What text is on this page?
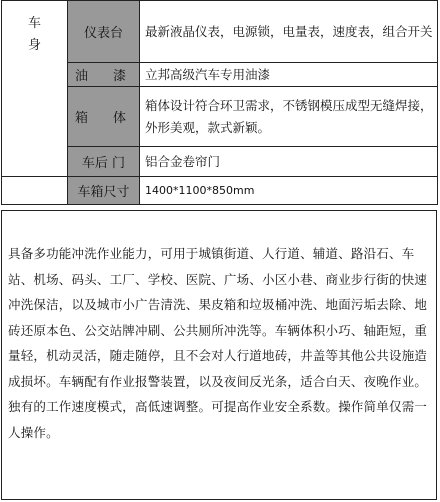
车
身	仪表台	最新液晶仪表，电源锁，电量表，速度表，组合开关
	油　漆	立邦高级汽车专用油漆
	箱　体	箱体设计符合环卫需求，不锈钢模压成型无缝焊接，外形美观，款式新颖。
	车后 门	铝合金卷帘门
	车箱尺寸	1400*1100*850mm

具备多功能冲洗作业能力，可用于城镇街道、人行道、辅道、路沿石、车站、机场、码头、工厂、学校、医院、广场、小区小巷、商业步行街的快速冲洗保洁，以及城市小广告清洗、果皮箱和垃圾桶冲洗、地面污垢去除、地砖还原本色、公交站牌冲刷、公共厕所冲洗等。车辆体积小巧、轴距短，重量轻，机动灵活，随走随停，且不会对人行道地砖，井盖等其他公共设施造成损坏。车辆配有作业报警装置，以及夜间反光条，适合白天、夜晚作业。独有的工作速度模式，高低速调整。可提高作业安全系数。操作简单仅需一人操作。
